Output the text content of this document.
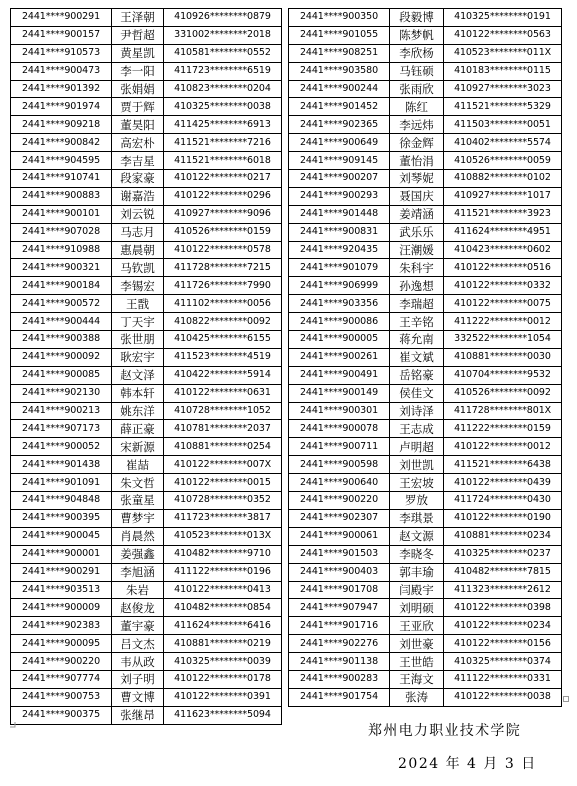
2441****900291	王泽朝	410926********0879
2441****900157	尹哲超	331002********2018
2441****910573	黄星凯	410581********0552
2441****900473	李一阳	411723********6519
2441****901392	张娟娟	410823********0204
2441****901974	贾于辉	410325********0038
2441****909218	董昊阳	411425********6913
2441****900842	高宏朴	411521********7216
2441****904595	李吉星	411521********6018
2441****910741	段家豪	410122********0217
2441****900883	谢嘉浩	410122********0296
2441****900101	刘云锐	410927********9096
2441****907028	马志月	410526********0159
2441****910988	惠晨朝	410122********0578
2441****900321	马钦凯	411728********7215
2441****900184	李锡宏	411726********7990
2441****900572	王戬	411102********0056
2441****900444	丁天宇	410822********0092
2441****900388	张世朋	410425********6155
2441****900092	耿宏宇	411523********4519
2441****900085	赵文泽	410422********5914
2441****902130	韩本轩	410122********0631
2441****900213	姚东洋	410728********1052
2441****907173	薛正豪	410781********2037
2441****900052	宋新源	410881********0254
2441****901438	崔喆	410122********007X
2441****901091	朱文哲	410122********0015
2441****904848	张童星	410728********0352
2441****900395	曹梦宇	411723********3817
2441****900045	肖晨然	410523********013X
2441****900001	姜强鑫	410482********9710
2441****900291	李旭涵	411122********0196
2441****903513	朱岩	410122********0413
2441****900009	赵俊龙	410482********0854
2441****902383	董宇豪	411624********6416
2441****900095	吕文杰	410881********0219
2441****900220	韦从政	410325********0039
2441****907774	刘子明	410122********0178
2441****900753	曹文博	410122********0391
2441****900375	张继昂	411623********5094
2441****900350	段毅博	410325********0191
2441****901055	陈梦帆	410122********0563
2441****908251	李欣杨	410523********011X
2441****903580	马钰硕	410183********0115
2441****900244	张雨欣	410927********3023
2441****901452	陈红	411521********5329
2441****902365	李远炜	411503********0051
2441****900649	徐金辉	410402********5574
2441****909145	董怡涓	410526********0059
2441****900207	刘琴妮	410882********0102
2441****900293	聂国庆	410927********1017
2441****901448	姜靖涵	411521********3923
2441****900831	武乐乐	411624********4951
2441****920435	汪潮媛	410423********0602
2441****901079	朱科宇	410122********0516
2441****906999	孙逸想	410122********0332
2441****903356	李瑞超	410122********0075
2441****900086	王辛铭	411222********0012
2441****900005	蒋允南	332522********1054
2441****900261	崔文斌	410881********0030
2441****900491	岳铭豪	410704********9532
2441****900149	侯佳文	410526********0092
2441****900301	刘诗泽	411728********801X
2441****900078	王志成	411222********0159
2441****900711	卢明超	410122********0012
2441****900598	刘世凯	411521********6438
2441****900640	王宏坡	410122********0439
2441****900220	罗放	411724********0430
2441****902307	李琪景	410122********0190
2441****900061	赵文源	410881********0234
2441****901503	李晓冬	410325********0237
2441****900403	郭丰瑜	410482********7815
2441****901708	闫殿宇	411323********2612
2441****907947	刘明硕	410122********0398
2441****901716	王亚欣	410122********0234
2441****902276	刘世豪	410122********0156
2441****901138	王世皓	410325********0374
2441****900283	王海文	411122********0331
2441****901754	张涛	410122********0038
郑州电力职业技术学院
2024 年 4 月 3 日
